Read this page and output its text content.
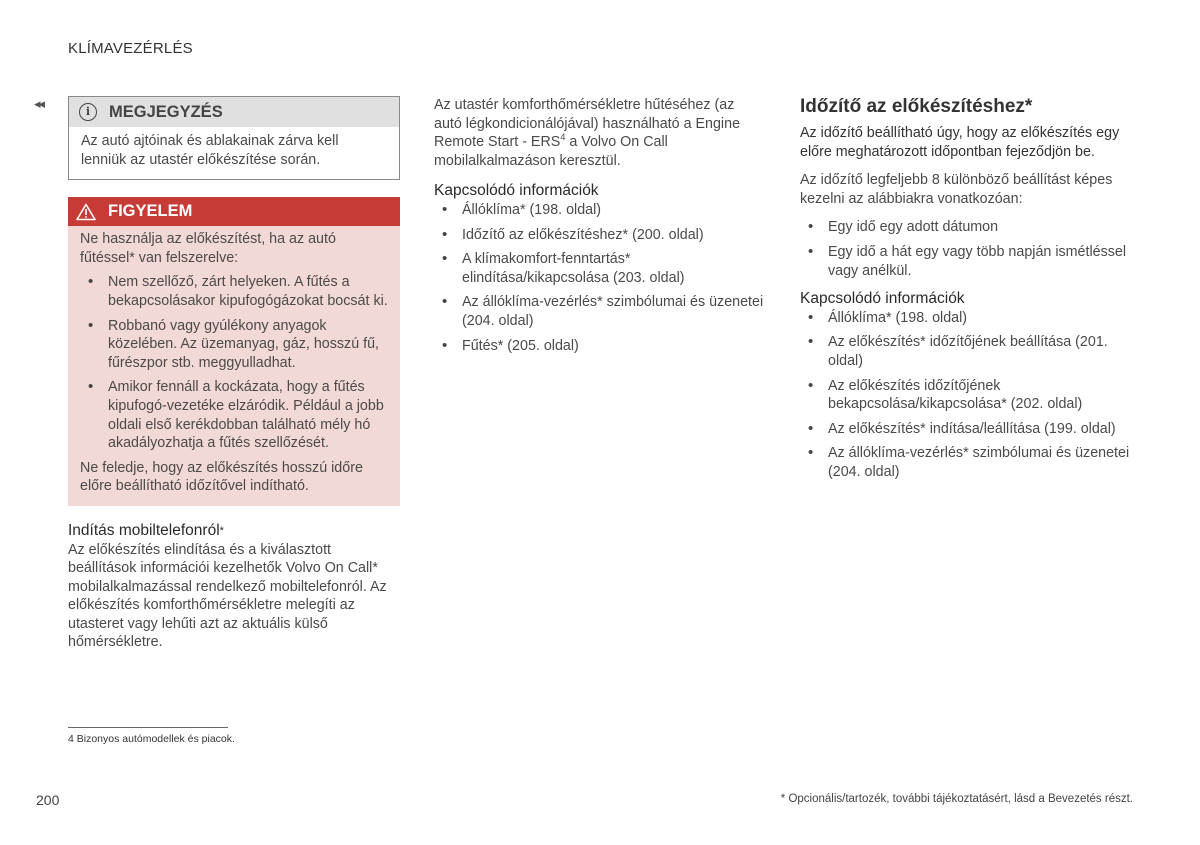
KLÍMAVEZÉRLÉS
◂◂
i	MEGJEGYZÉS
Az autó ajtóinak és ablakainak zárva kell lenniük az utastér előkészítése során.
FIGYELEM

Ne használja az előkészítést, ha az autó fűtéssel* van felszerelve:

• Nem szellőző, zárt helyeken. A fűtés a bekapcsolásakor kipufogógázokat bocsát ki.
• Robbanó vagy gyúlékony anyagok közelében. Az üzemanyag, gáz, hosszú fű, fűrészpor stb. meggyulladhat.
• Amikor fennáll a kockázata, hogy a fűtés kipufogó-vezetéke elzáródik. Például a jobb oldali első kerékdobban található mély hó akadályozhatja a fűtés szellőzését.

Ne feledje, hogy az előkészítés hosszú időre előre beállítható időzítővel indítható.

Indítás mobiltelefonról*

Az előkészítés elindítása és a kiválasztott beállítások információi kezelhetők Volvo On Call* mobilalkalmazással rendelkező mobiltelefonról. Az előkészítés komforthőmérsékletre melegíti az utasteret vagy lehűti azt az aktuális külső hőmérsékletre.

Az utastér komforthőmérsékletre hűtéséhez (az autó légkondicionálójával) használható a Engine Remote Start - ERS$^4$ a Volvo On Call mobilalkalmazáson keresztül.

Kapcsolódó információk
• Állóklíma* (198. oldal)
• Időzítő az előkészítéshez* (200. oldal)
• A klímakomfort-fenntartás* elindítása/kikapcsolása (203. oldal)
• Az állóklíma-vezérlés* szimbólumai és üzenetei (204. oldal)
• Fűtés* (205. oldal)
Időzítő az előkészítéshez*

Az időzítő beállítható úgy, hogy az előkészítés egy előre meghatározott időpontban fejeződjön be.

Az időzítő legfeljebb 8 különböző beállítást képes kezelni az alábbiakra vonatkozóan:

• Egy idő egy adott dátumon
• Egy idő a hát egy vagy több napján ismétléssel vagy anélkül.
Kapcsolódó információk
• Állóklíma* (198. oldal)
• Az előkészítés* időzítőjének beállítása (201. oldal)
• Az előkészítés időzítőjének bekapcsolása/kikapcsolása* (202. oldal)
• Az előkészítés* indítása/leállítása (199. oldal)
• Az állóklíma-vezérlés* szimbólumai és üzenetei (204. oldal)
4 Bizonyos autómodellek és piacok.
200	* Opcionális/tartozék, további tájékoztatásért, lásd a Bevezetés részt.
